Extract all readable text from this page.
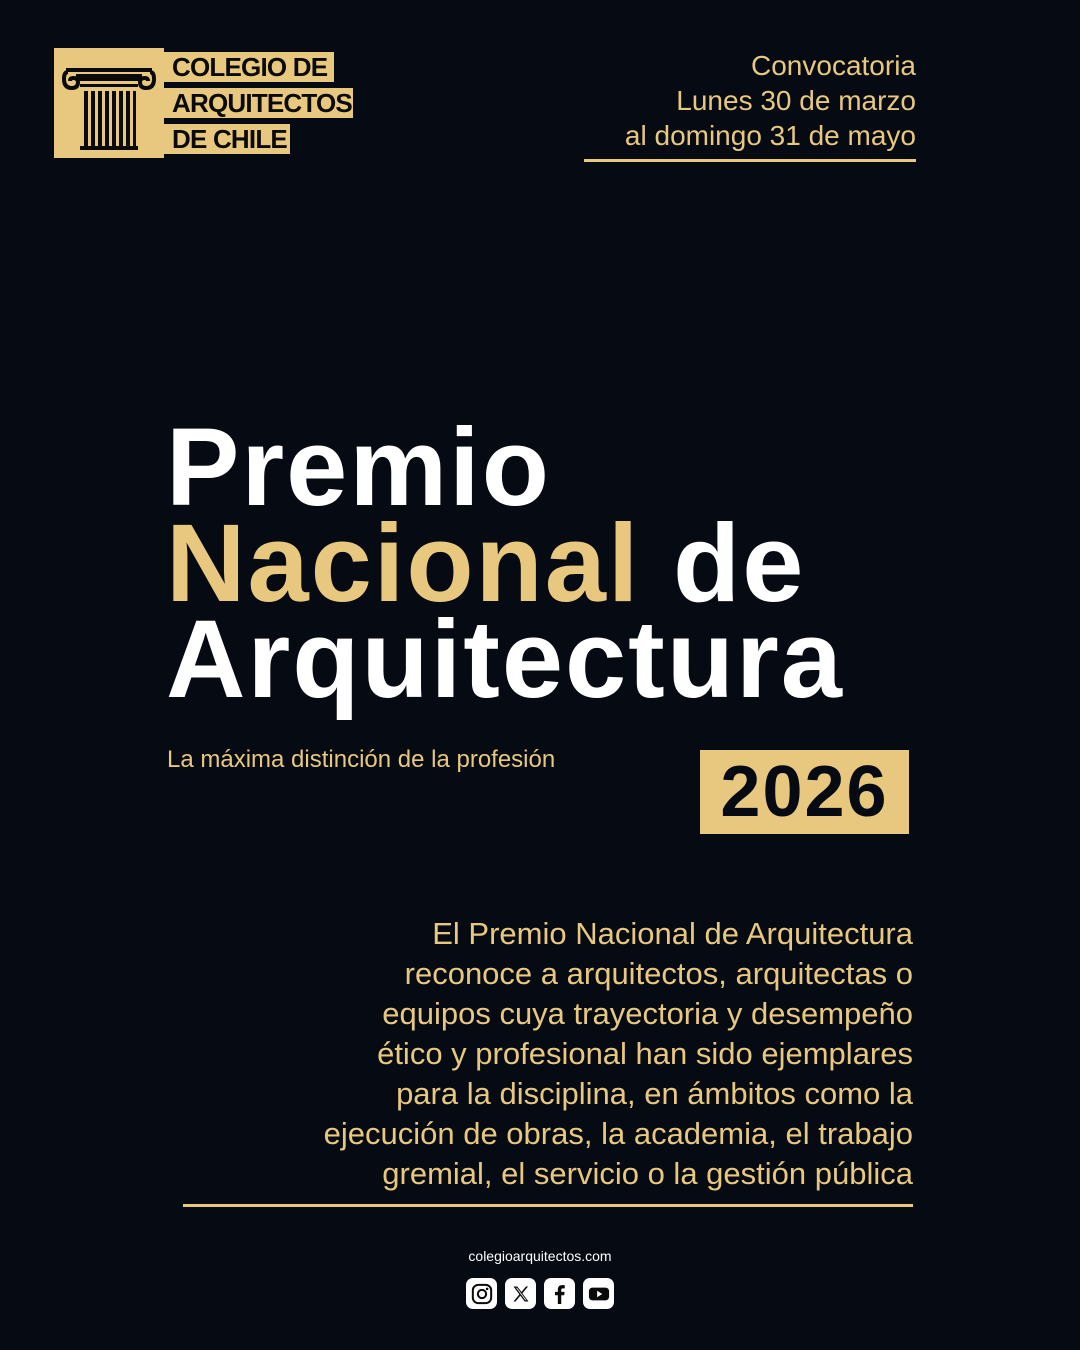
COLEGIO DE
ARQUITECTOS
DE CHILE
Convocatoria
Lunes 30 de marzo
al domingo 31 de mayo
Premio
Nacional de
Arquitectura
La máxima distinción de la profesión 2026
El Premio Nacional de Arquitectura
reconoce a arquitectos, arquitectas o
equipos cuya trayectoria y desempeño
ético y profesional han sido ejemplares
para la disciplina, en ámbitos como la
ejecución de obras, la academia, el trabajo
gremial, el servicio o la gestión pública
colegioarquitectos.com
